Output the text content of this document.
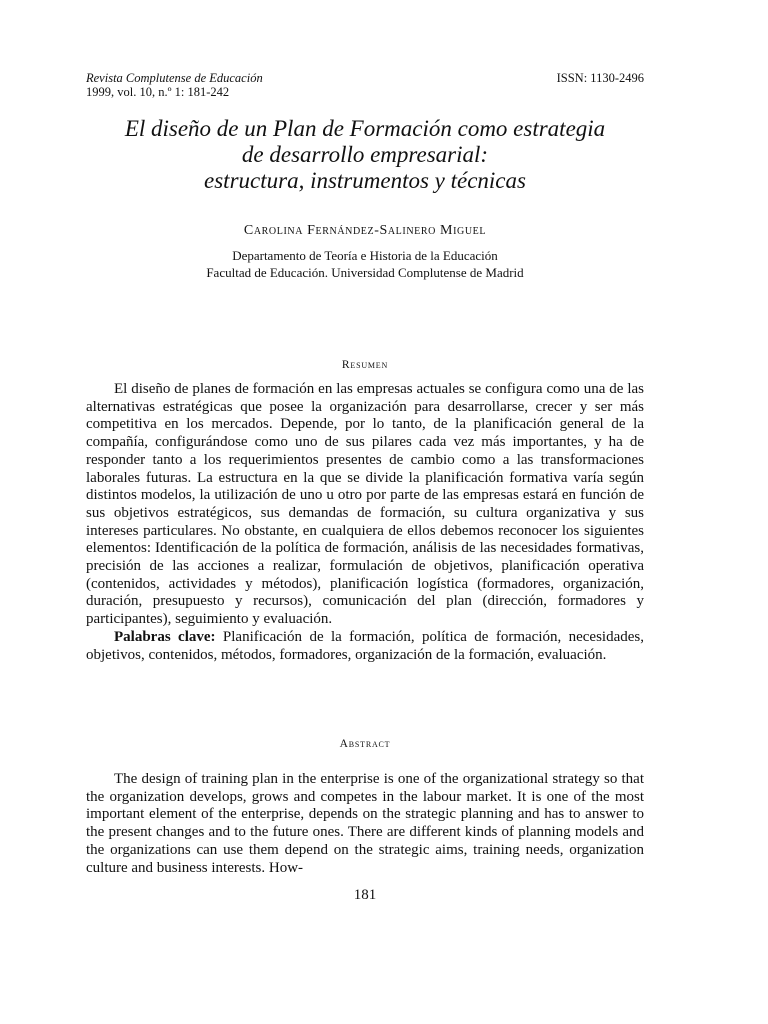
Revista Complutense de Educación
1999, vol. 10, n.º 1: 181-242
ISSN: 1130-2496
El diseño de un Plan de Formación como estrategia
de desarrollo empresarial:
estructura, instrumentos y técnicas
Carolina Fernández-Salinero Miguel
Departamento de Teoría e Historia de la Educación
Facultad de Educación. Universidad Complutense de Madrid
Resumen

El diseño de planes de formación en las empresas actuales se configura como una de las alternativas estratégicas que posee la organización para desarrollarse, crecer y ser más competitiva en los mercados. Depende, por lo tanto, de la planificación general de la compañía, configurándose como uno de sus pilares cada vez más importantes, y ha de responder tanto a los requerimientos presentes de cambio como a las transformaciones laborales futuras. La estructura en la que se divide la planificación formativa varía según distintos modelos, la utilización de uno u otro por parte de las empresas estará en función de sus objetivos estratégicos, sus demandas de formación, su cultura organizativa y sus intereses particulares. No obstante, en cualquiera de ellos debemos reconocer los siguientes elementos: Identificación de la política de formación, análisis de las necesidades formativas, precisión de las acciones a realizar, formulación de objetivos, planificación operativa (contenidos, actividades y métodos), planificación logística (formadores, organización, duración, presupuesto y recursos), comunicación del plan (dirección, formadores y participantes), seguimiento y evaluación.

Palabras clave: Planificación de la formación, política de formación, necesidades, objetivos, contenidos, métodos, formadores, organización de la formación, evaluación.

Abstract

The design of training plan in the enterprise is one of the organizational strategy so that the organization develops, grows and competes in the labour market. It is one of the most important element of the enterprise, depends on the strategic planning and has to answer to the present changes and to the future ones. There are different kinds of planning models and the organizations can use them depend on the strategic aims, training needs, organization culture and business interests. How-

181
